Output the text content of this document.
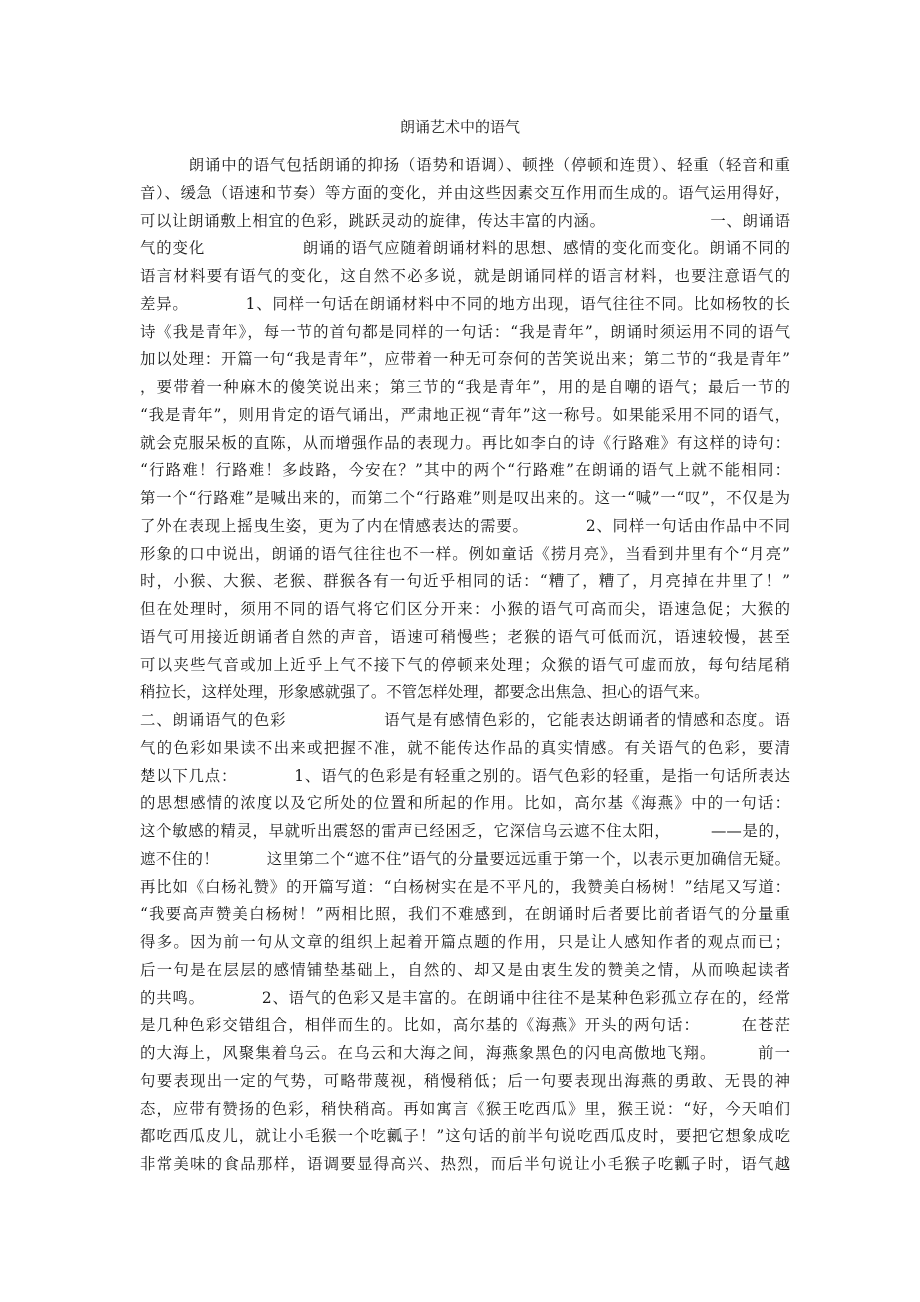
朗诵艺术中的语气
　　　朗诵中的语气包括朗诵的抑扬（语势和语调）、顿挫（停顿和连贯）、轻重（轻音和重
音）、缓急（语速和节奏）等方面的变化，并由这些因素交互作用而生成的。语气运用得好，
可以让朗诵敷上相宜的色彩，跳跃灵动的旋律，传达丰富的内涵。　　　　　　　一、朗诵语
气的变化　　　　　　朗诵的语气应随着朗诵材料的思想、感情的变化而变化。朗诵不同的
语言材料要有语气的变化，这自然不必多说，就是朗诵同样的语言材料，也要注意语气的
差异。　　　　1、同样一句话在朗诵材料中不同的地方出现，语气往往不同。比如杨牧的长
诗《我是青年》，每一节的首句都是同样的一句话：“我是青年”，朗诵时须运用不同的语气
加以处理：开篇一句“我是青年”，应带着一种无可奈何的苦笑说出来；第二节的“我是青年”
，要带着一种麻木的傻笑说出来；第三节的“我是青年”，用的是自嘲的语气；最后一节的
“我是青年”，则用肯定的语气诵出，严肃地正视“青年”这一称号。如果能采用不同的语气，
就会克服呆板的直陈，从而增强作品的表现力。再比如李白的诗《行路难》有这样的诗句：
“行路难！行路难！多歧路，今安在？”其中的两个“行路难”在朗诵的语气上就不能相同：
第一个“行路难”是喊出来的，而第二个“行路难”则是叹出来的。这一“喊”一“叹”，不仅是为
了外在表现上摇曳生姿，更为了内在情感表达的需要。　　　　2、同样一句话由作品中不同
形象的口中说出，朗诵的语气往往也不一样。例如童话《捞月亮》，当看到井里有个“月亮”
时，小猴、大猴、老猴、群猴各有一句近乎相同的话：“糟了，糟了，月亮掉在井里了！”
但在处理时，须用不同的语气将它们区分开来：小猴的语气可高而尖，语速急促；大猴的
语气可用接近朗诵者自然的声音，语速可稍慢些；老猴的语气可低而沉，语速较慢，甚至
可以夹些气音或加上近乎上气不接下气的停顿来处理；众猴的语气可虚而放，每句结尾稍
稍拉长，这样处理，形象感就强了。不管怎样处理，都要念出焦急、担心的语气来。
二、朗诵语气的色彩　　　　　　语气是有感情色彩的，它能表达朗诵者的情感和态度。语
气的色彩如果读不出来或把握不准，就不能传达作品的真实情感。有关语气的色彩，要清
楚以下几点：　　　　1、语气的色彩是有轻重之别的。语气色彩的轻重，是指一句话所表达
的思想感情的浓度以及它所处的位置和所起的作用。比如，高尔基《海燕》中的一句话：
这个敏感的精灵，早就听出震怒的雷声已经困乏，它深信乌云遮不住太阳，　　　——是的，
遮不住的！　　　这里第二个“遮不住”语气的分量要远远重于第一个，以表示更加确信无疑。
再比如《白杨礼赞》的开篇写道：“白杨树实在是不平凡的，我赞美白杨树！”结尾又写道：
“我要高声赞美白杨树！”两相比照，我们不难感到，在朗诵时后者要比前者语气的分量重
得多。因为前一句从文章的组织上起着开篇点题的作用，只是让人感知作者的观点而已；
后一句是在层层的感情铺垫基础上，自然的、却又是由衷生发的赞美之情，从而唤起读者
的共鸣。　　　　2、语气的色彩又是丰富的。在朗诵中往往不是某种色彩孤立存在的，经常
是几种色彩交错组合，相伴而生的。比如，高尔基的《海燕》开头的两句话：　　　在苍茫
的大海上，风聚集着乌云。在乌云和大海之间，海燕象黑色的闪电高傲地飞翔。　　　前一
句要表现出一定的气势，可略带蔑视，稍慢稍低；后一句要表现出海燕的勇敢、无畏的神
态，应带有赞扬的色彩，稍快稍高。再如寓言《猴王吃西瓜》里，猴王说：“好，今天咱们
都吃西瓜皮儿，就让小毛猴一个吃瓤子！”这句话的前半句说吃西瓜皮时，要把它想象成吃
非常美味的食品那样，语调要显得高兴、热烈，而后半句说让小毛猴子吃瓤子时，语气越
